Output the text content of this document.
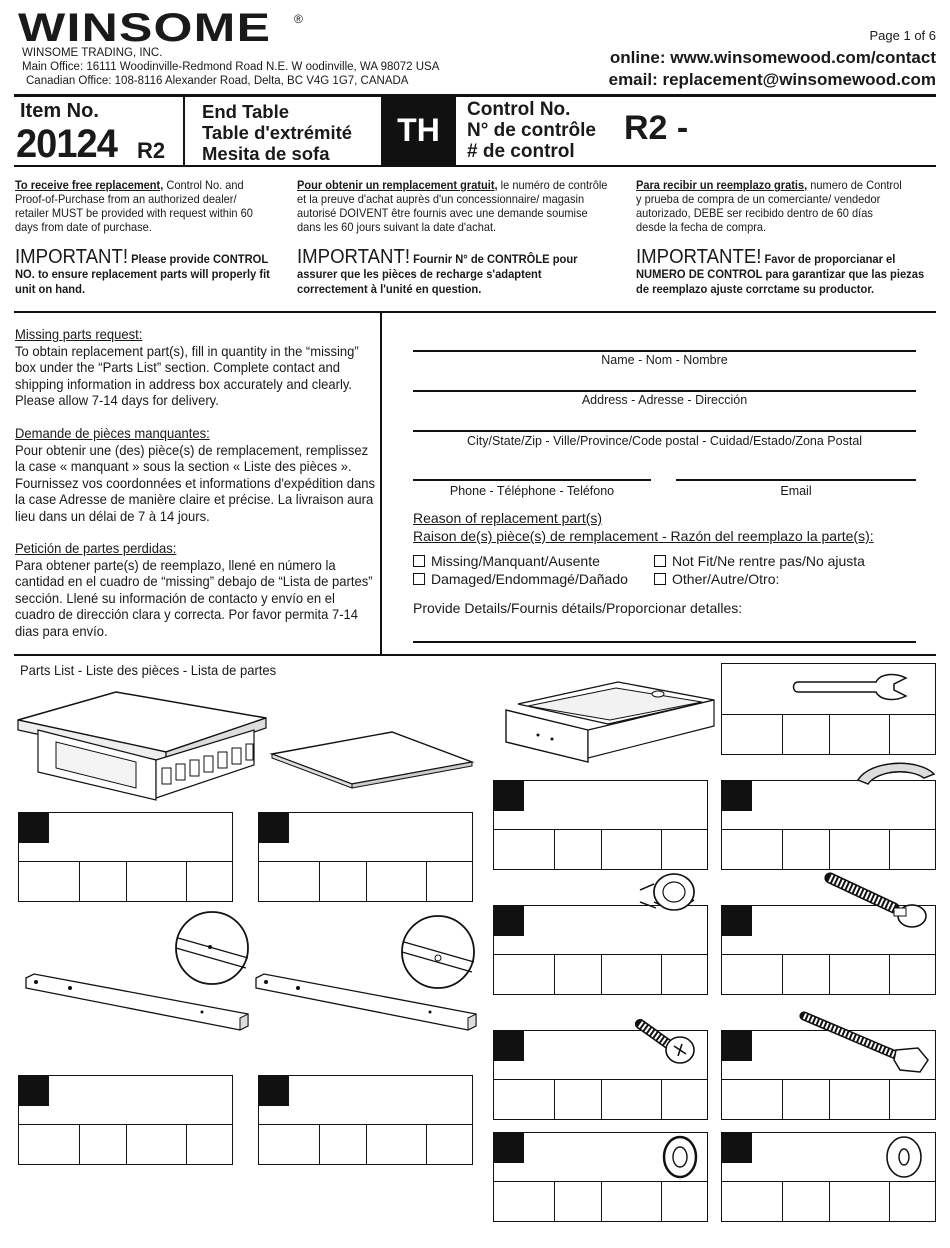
WINSOME ®
WINSOME TRADING, INC.
Main Office: 16111 Woodinville-Redmond Road N.E. W oodinville, WA 98072 USA
Canadian Office: 108-8116 Alexander Road, Delta, BC V4G 1G7, CANADA
Page 1 of 6
online: www.winsomewood.com/contact
email: replacement@winsomewood.com
Item No.
20124 R2
End Table
Table d'extrémité
Mesita de sofa
TH
Control No.
N° de contrôle
# de control
R2 -
To receive free replacement, Control No. and Proof-of-Purchase from an authorized dealer/ retailer MUST be provided with request within 60 days from date of purchase.
Pour obtenir un remplacement gratuit, le numéro de contrôle et la preuve d'achat auprès d'un concessionnaire/ magasin autorisé DOIVENT être fournis avec une demande soumise dans les 60 jours suivant la date d'achat.
Para recibir un reemplazo gratis, numero de Control y prueba de compra de un comerciante/ vendedor autorizado, DEBE ser recibido dentro de 60 días desde la fecha de compra.
IMPORTANT! Please provide CONTROL NO. to ensure replacement parts will properly fit unit on hand.
IMPORTANT! Fournir N° de CONTRÔLE pour assurer que les pièces de recharge s'adaptent correctement à l'unité en question.
IMPORTANTE! Favor de proporcianar el NUMERO DE CONTROL para garantizar que las piezas de reemplazo ajuste corrctame su productor.
Missing parts request:
To obtain replacement part(s), fill in quantity in the “missing” box under the “Parts List” section. Complete contact and shipping information in address box accurately and clearly. Please allow 7-14 days for delivery.
Demande de pièces manquantes:
Pour obtenir une (des) pièce(s) de remplacement, remplissez la case « manquant » sous la section « Liste des pièces ». Fournissez vos coordonnées et informations d'expédition dans la case Adresse de manière claire et précise. La livraison aura lieu dans un délai de 7 à 14 jours.
Petición de partes perdidas:
Para obtener parte(s) de reemplazo, llené en número la cantidad en el cuadro de “missing” debajo de “Lista de partes” sección. Llené su información de contacto y envío en el cuadro de dirección clara y correcta. Por favor permita 7-14 dias para envío.
Name - Nom - Nombre
Address - Adresse - Dirección
City/State/Zip - Ville/Province/Code postal - Cuidad/Estado/Zona Postal
Phone - Téléphone - Teléfono	Email
Reason of replacement part(s)
Raison de(s) pièce(s) de remplacement - Razón del reemplazo la parte(s):
Missing/Manquant/Ausente	Not Fit/Ne rentre pas/No ajusta
Damaged/Endommagé/Dañado	Other/Autre/Otro:
Provide Details/Fournis détails/Proporcionar detalles:
Parts List - Liste des pièces - Lista de partes
